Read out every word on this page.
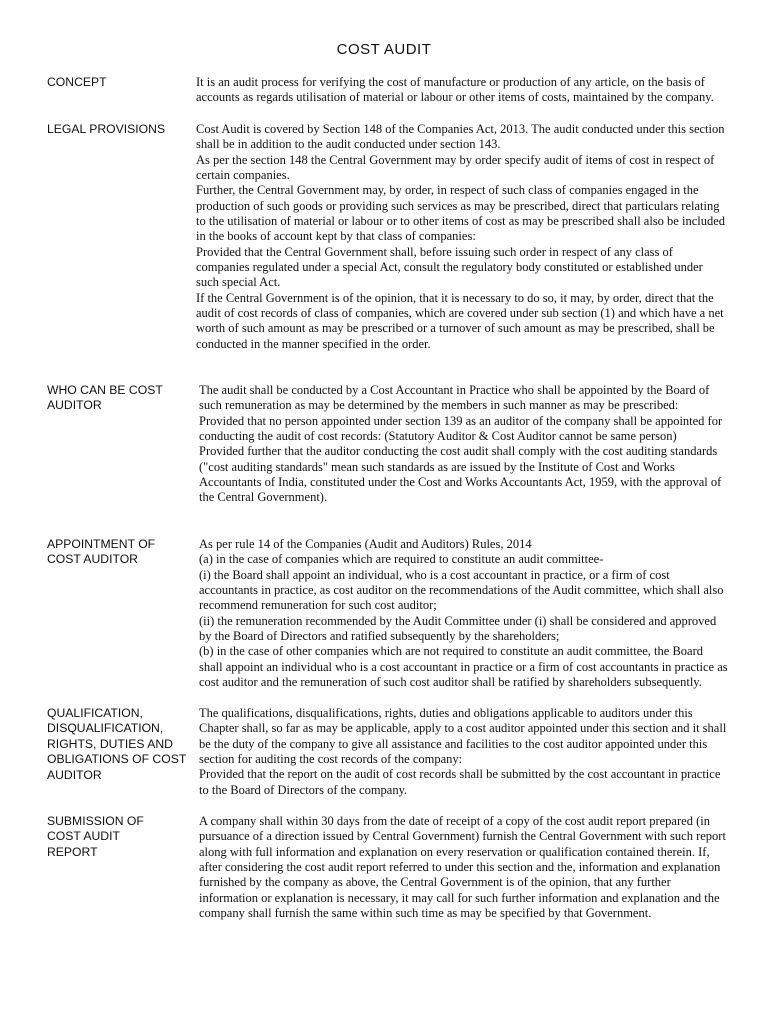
COST AUDIT
CONCEPT	It is an audit process for verifying the cost of manufacture or production of any article, on the basis of accounts as regards utilisation of material or labour or other items of costs, maintained by the company.

LEGAL PROVISIONS	Cost Audit is covered by Section 148 of the Companies Act, 2013. The audit conducted under this section shall be in addition to the audit conducted under section 143.

As per the section 148 the Central Government may by order specify audit of items of cost in respect of certain companies.

Further, the Central Government may, by order, in respect of such class of companies engaged in the production of such goods or providing such services as may be prescribed, direct that particulars relating to the utilisation of material or labour or to other items of cost as may be prescribed shall also be included in the books of account kept by that class of companies:

Provided that the Central Government shall, before issuing such order in respect of any class of companies regulated under a special Act, consult the regulatory body constituted or established under such special Act.

If the Central Government is of the opinion, that it is necessary to do so, it may, by order, direct that the audit of cost records of class of companies, which are covered under sub section (1) and which have a net worth of such amount as may be prescribed or a turnover of such amount as may be prescribed, shall be conducted in the manner specified in the order.

WHO CAN BE COST AUDITOR

The audit shall be conducted by a Cost Accountant in Practice who shall be appointed by the Board of such remuneration as may be determined by the members in such manner as may be prescribed:

Provided that no person appointed under section 139 as an auditor of the company shall be appointed for conducting the audit of cost records: (Statutory Auditor & Cost Auditor cannot be same person)

Provided further that the auditor conducting the cost audit shall comply with the cost auditing standards ("cost auditing standards" mean such standards as are issued by the Institute of Cost and Works Accountants of India, constituted under the Cost and Works Accountants Act, 1959, with the approval of the Central Government).

APPOINTMENT OF COST AUDITOR

As per rule 14 of the Companies (Audit and Auditors) Rules, 2014

(a) in the case of companies which are required to constitute an audit committee-

(i) the Board shall appoint an individual, who is a cost accountant in practice, or a firm of cost accountants in practice, as cost auditor on the recommendations of the Audit committee, which shall also recommend remuneration for such cost auditor;

(ii) the remuneration recommended by the Audit Committee under (i) shall be considered and approved by the Board of Directors and ratified subsequently by the shareholders;

(b) in the case of other companies which are not required to constitute an audit committee, the Board shall appoint an individual who is a cost accountant in practice or a firm of cost accountants in practice as cost auditor and the remuneration of such cost auditor shall be ratified by shareholders subsequently.

QUALIFICATION, DISQUALIFICATION, RIGHTS, DUTIES AND OBLIGATIONS OF COST AUDITOR

The qualifications, disqualifications, rights, duties and obligations applicable to auditors under this Chapter shall, so far as may be applicable, apply to a cost auditor appointed under this section and it shall be the duty of the company to give all assistance and facilities to the cost auditor appointed under this section for auditing the cost records of the company:

Provided that the report on the audit of cost records shall be submitted by the cost accountant in practice to the Board of Directors of the company.

SUBMISSION OF COST AUDIT REPORT

A company shall within 30 days from the date of receipt of a copy of the cost audit report prepared (in pursuance of a direction issued by Central Government) furnish the Central Government with such report along with full information and explanation on every reservation or qualification contained therein. If, after considering the cost audit report referred to under this section and the, information and explanation furnished by the company as above, the Central Government is of the opinion, that any further information or explanation is necessary, it may call for such further information and explanation and the company shall furnish the same within such time as may be specified by that Government.
